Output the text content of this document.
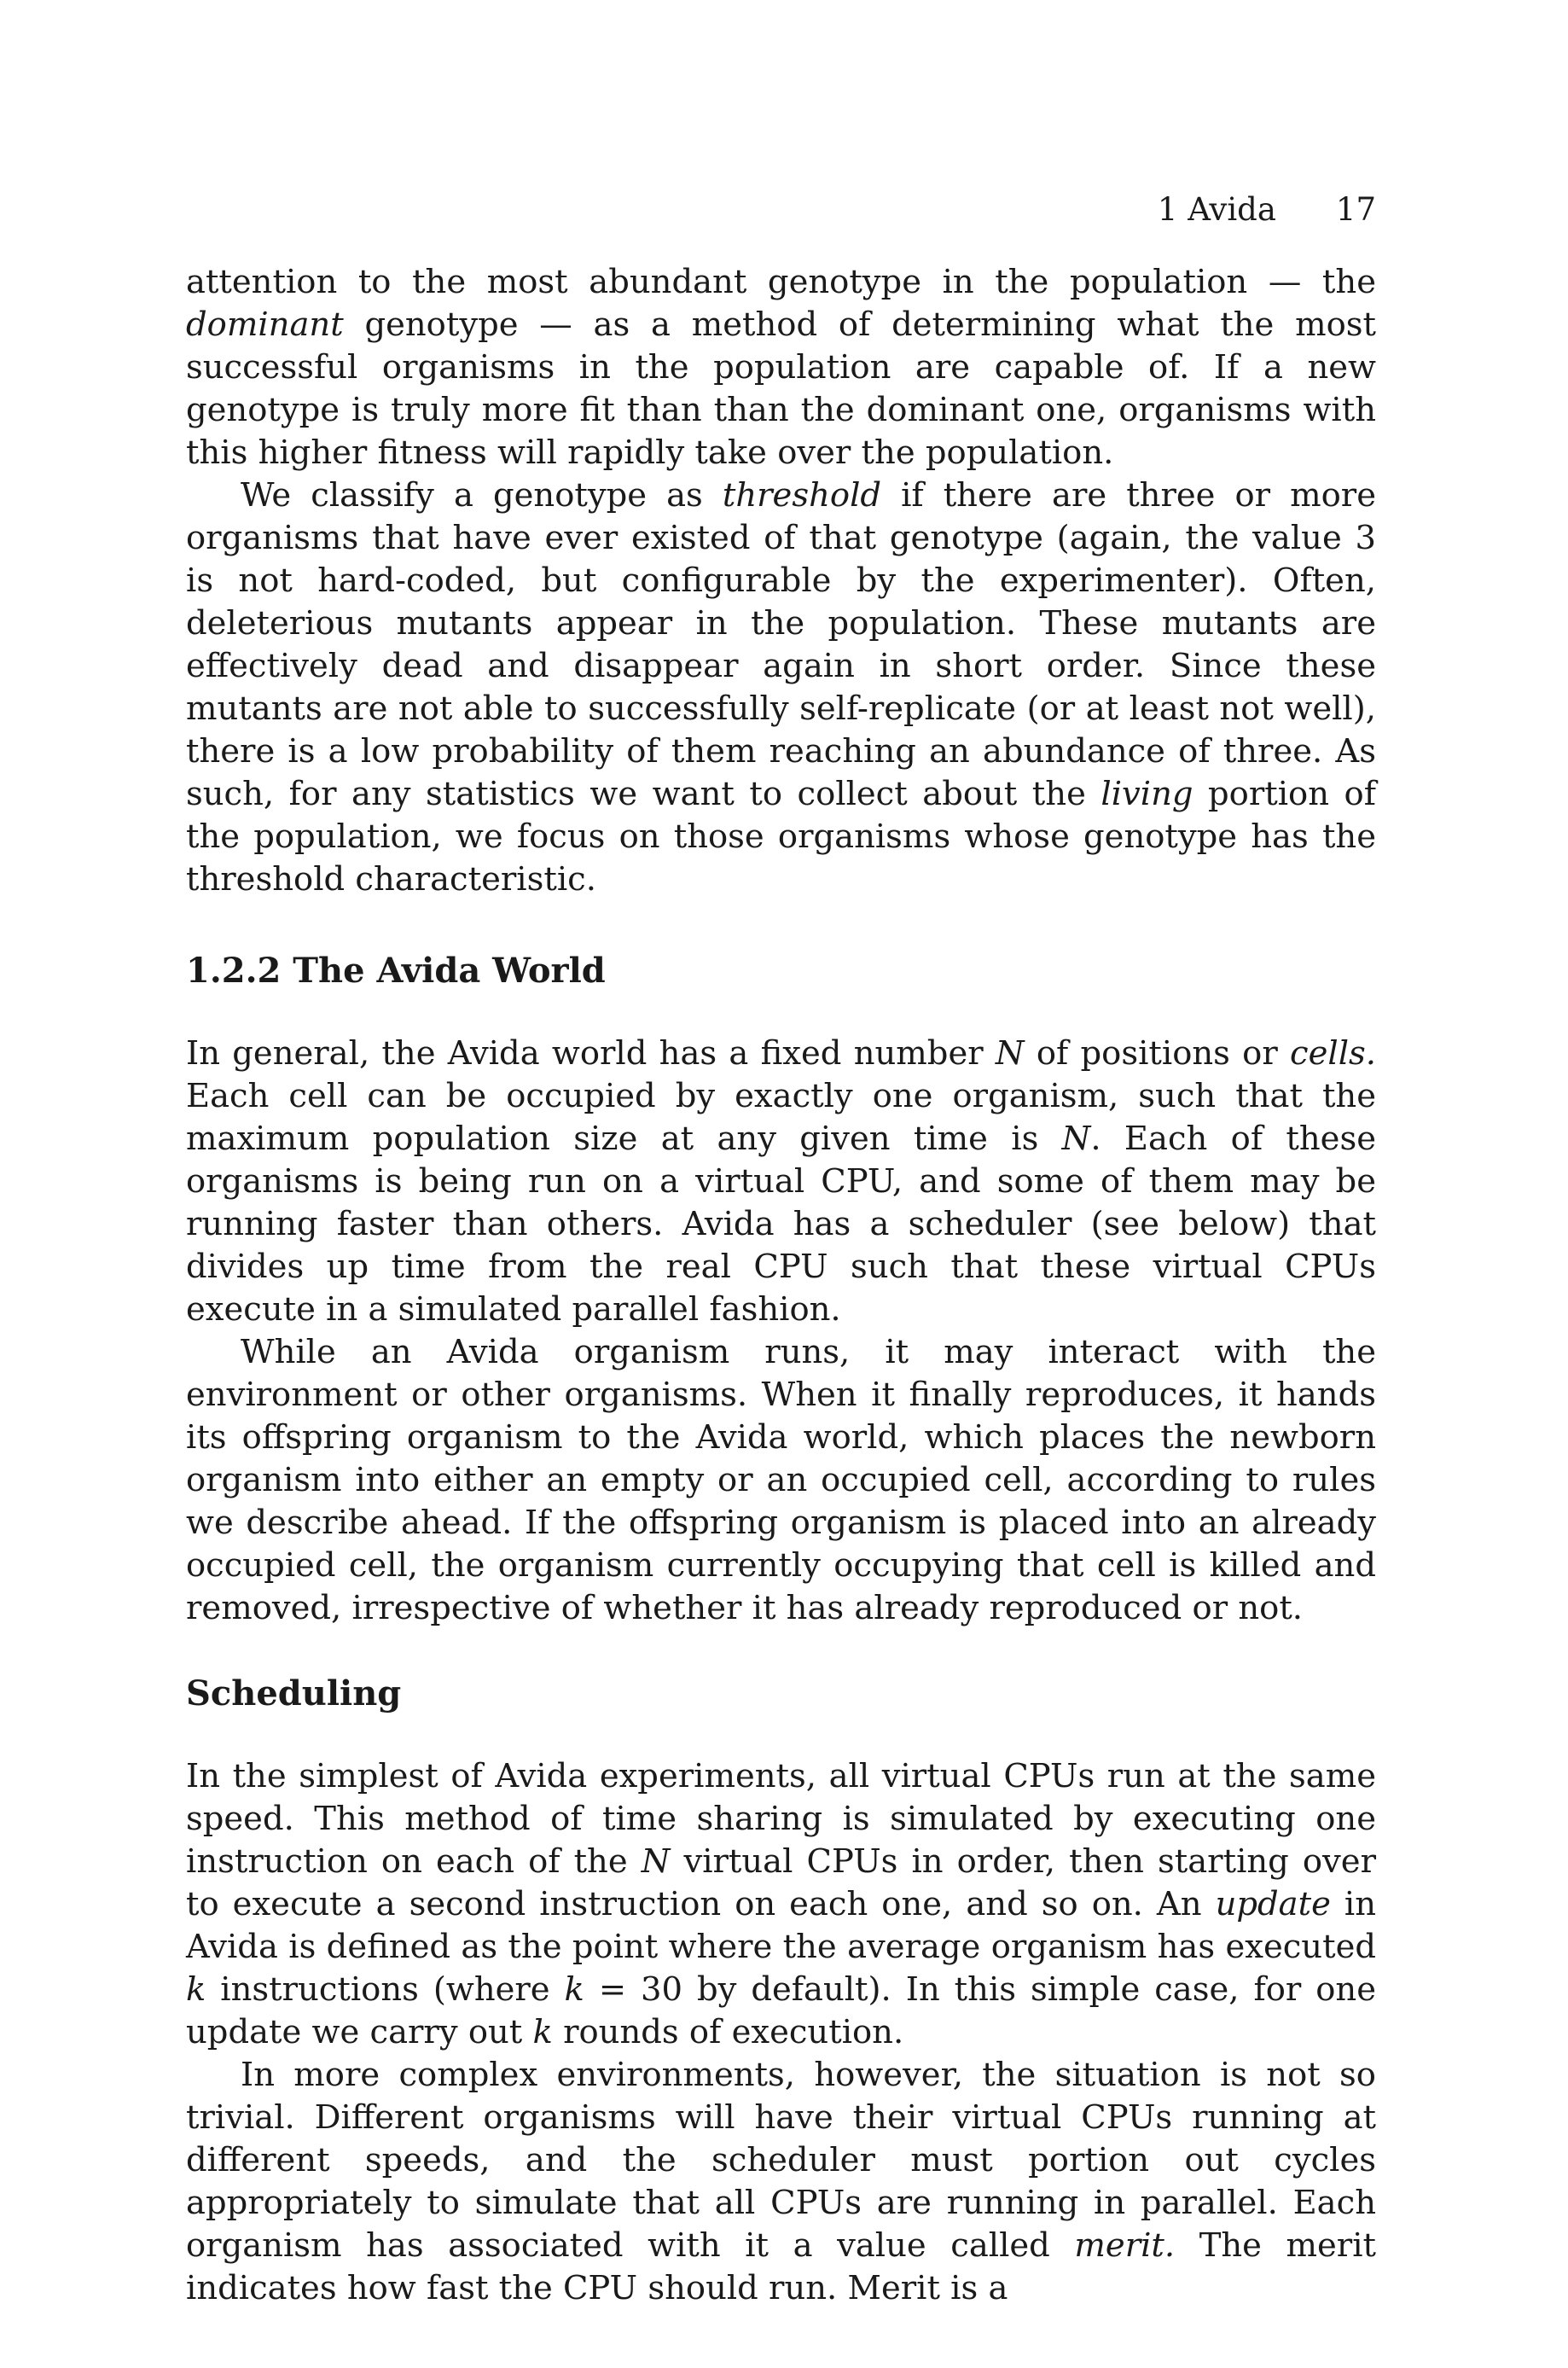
1 Avida 17

attention to the most abundant genotype in the population — the dominant genotype — as a method of determining what the most successful organisms in the population are capable of. If a new genotype is truly more fit than than the dominant one, organisms with this higher fitness will rapidly take over the population.

We classify a genotype as threshold if there are three or more organisms that have ever existed of that genotype (again, the value 3 is not hard-coded, but configurable by the experimenter). Often, deleterious mutants appear in the population. These mutants are effectively dead and disappear again in short order. Since these mutants are not able to successfully self-replicate (or at least not well), there is a low probability of them reaching an abundance of three. As such, for any statistics we want to collect about the living portion of the population, we focus on those organisms whose genotype has the threshold characteristic.

1.2.2 The Avida World

In general, the Avida world has a fixed number N of positions or cells. Each cell can be occupied by exactly one organism, such that the maximum population size at any given time is N. Each of these organisms is being run on a virtual CPU, and some of them may be running faster than others. Avida has a scheduler (see below) that divides up time from the real CPU such that these virtual CPUs execute in a simulated parallel fashion.

While an Avida organism runs, it may interact with the environment or other organisms. When it finally reproduces, it hands its offspring organism to the Avida world, which places the newborn organism into either an empty or an occupied cell, according to rules we describe ahead. If the offspring organism is placed into an already occupied cell, the organism currently occupying that cell is killed and removed, irrespective of whether it has already reproduced or not.

Scheduling

In the simplest of Avida experiments, all virtual CPUs run at the same speed. This method of time sharing is simulated by executing one instruction on each of the N virtual CPUs in order, then starting over to execute a second instruction on each one, and so on. An update in Avida is defined as the point where the average organism has executed k instructions (where k = 30 by default). In this simple case, for one update we carry out k rounds of execution.

In more complex environments, however, the situation is not so trivial. Different organisms will have their virtual CPUs running at different speeds, and the scheduler must portion out cycles appropriately to simulate that all CPUs are running in parallel. Each organism has associated with it a value called merit. The merit indicates how fast the CPU should run. Merit is a
